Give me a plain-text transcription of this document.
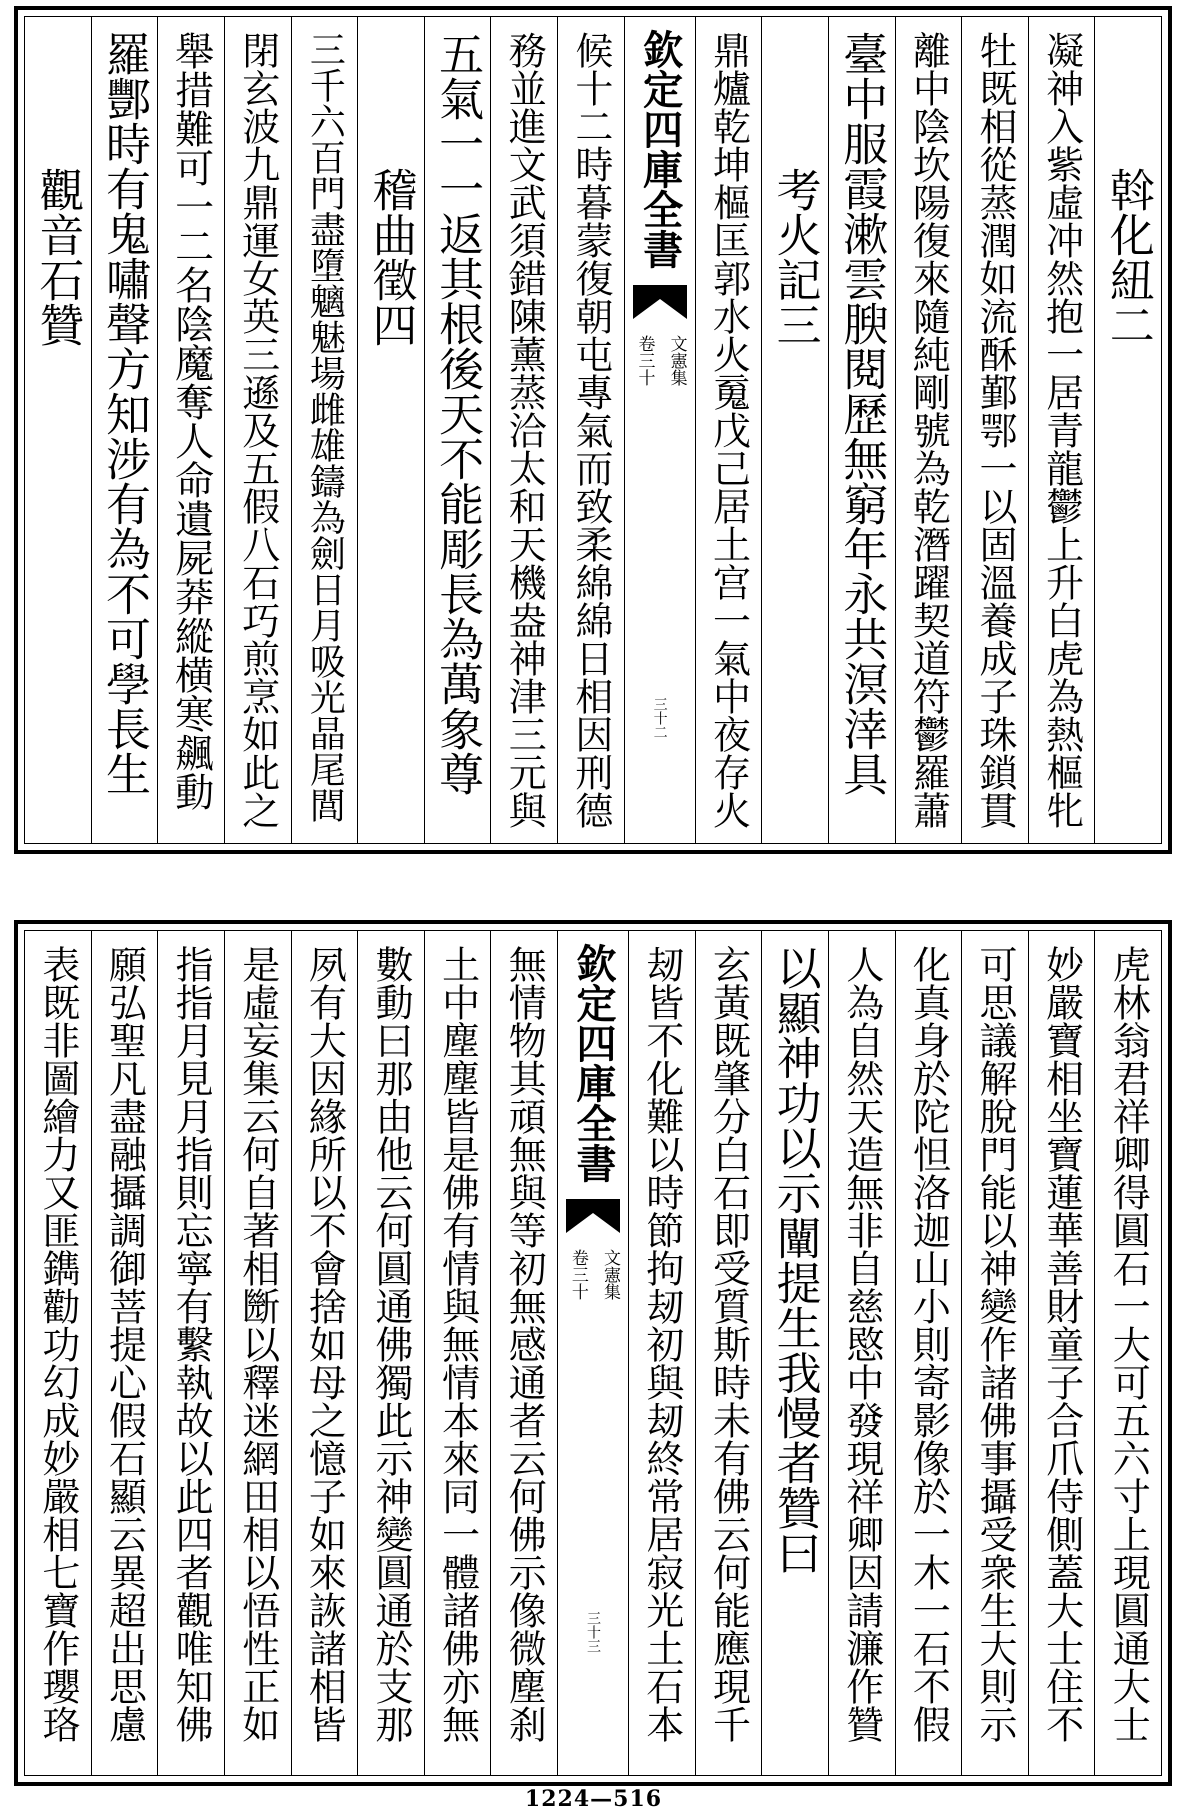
斡化紐二
凝神入紫虛冲然抱一居青龍鬱上升白虎為熱樞牝
牡既相從蒸潤如流酥鄞鄂一以固溫養成子珠鎖貫
離中陰坎陽復來隨純剛號為乾潛躍契道符鬱羅蕭
臺中服霞漱雲腴閱歷無窮年永共溟涬具
考火記三
鼎爐乾坤樞匡郭水火䰟戊己居土宫一氣中夜存火
欽定四庫全書
文憲集
卷三十
三十二
候十二時暮蒙復朝屯專氣而致柔綿綿日相因刑德
務並進文武須錯陳薰蒸洽太和天機盎神津三元與
五氣一一返其根後天不能彫長為萬象尊
稽曲徵四
三千六百門盡墮魑魅場雌雄鑄為劍日月吸光晶尾閭
閉玄波九鼎運女英三遜及五假八石巧煎烹如此之
舉措難可一二名陰魔奪人命遺屍莽縱横寒飆動
羅酆時有鬼嘯聲方知涉有為不可學長生
觀音石贊
虎林翁君祥卿得圓石一大可五六寸上現圓通大士
妙嚴寶相坐寶蓮華善財童子合爪侍側蓋大士住不
可思議解脫門能以神變作諸佛事攝受衆生大則示
化真身於陀怛洛迦山小則寄影像於一木一石不假
人為自然天造無非自慈愍中發現祥卿因請濂作贊
以顯神功以示闡提生我慢者贊曰
玄黃既肇分白石即受質斯時未有佛云何能應現千
刼皆不化難以時節拘刼初與刼終常居寂光土石本
欽定四庫全書
文憲集
卷三十
三十三
無情物其頑無與等初無感通者云何佛示像微塵刹
土中塵塵皆是佛有情與無情本來同一體諸佛亦無
數動曰那由他云何圓通佛獨此示神變圓通於支那
夙有大因緣所以不會捨如母之憶子如來詼諸相皆
是虛妄集云何自著相㫁以釋迷網田相以悟性正如
指指月見月指則忘寧有繫執故以此四者觀唯知佛
願弘聖凡盡融攝調御菩提心假石顯云異超出思慮
表既非圖繪力又匪鐫勸功幻成妙嚴相七寶作瓔珞
1224—516
